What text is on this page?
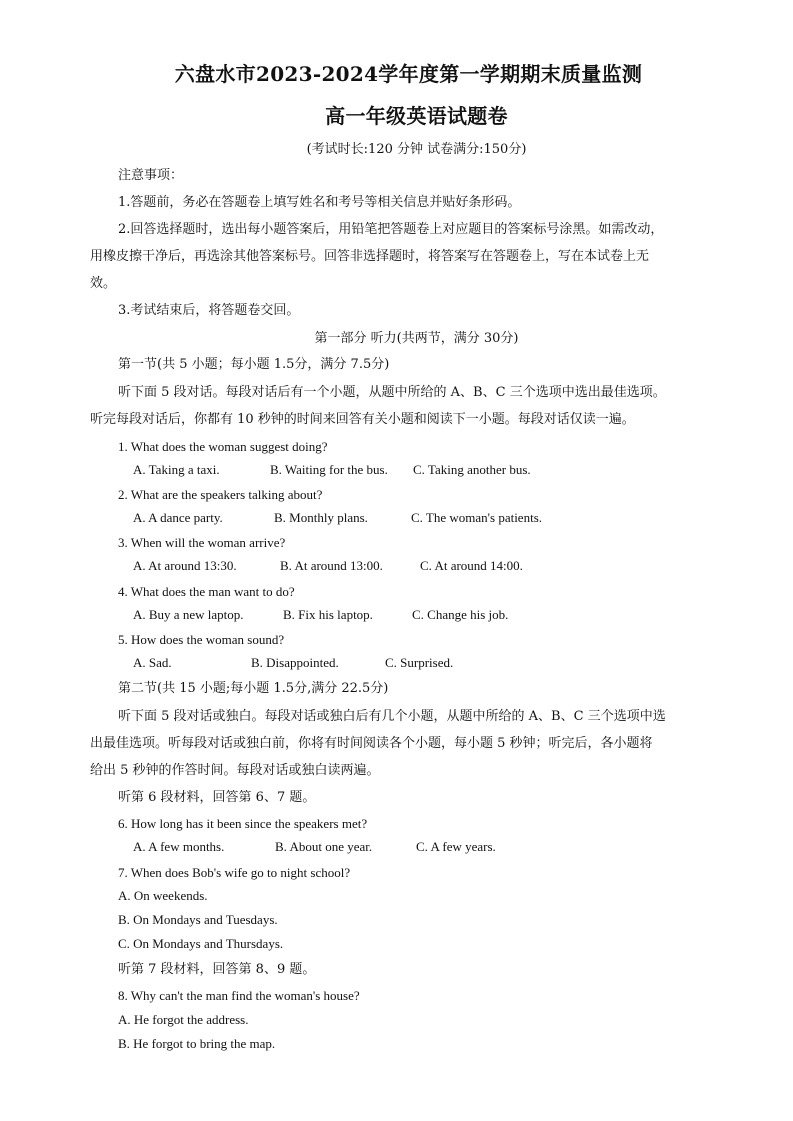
六盘水市2023-2024学年度第一学期期末质量监测
高一年级英语试题卷
(考试时长:120 分钟 试卷满分:150分)
注意事项：
1.答题前，务必在答题卷上填写姓名和考号等相关信息并贴好条形码。
2.回答选择题时，选出每小题答案后，用铅笔把答题卷上对应题目的答案标号涂黑。如需改动，
用橡皮擦干净后，再选涂其他答案标号。回答非选择题时，将答案写在答题卷上，写在本试卷上无
效。
3.考试结束后，将答题卷交回。
第一部分 听力(共两节，满分 30分)
第一节(共 5 小题；每小题 1.5分，满分 7.5分)
听下面 5 段对话。每段对话后有一个小题，从题中所给的 A、B、C 三个选项中选出最佳选项。
听完每段对话后，你都有 10 秒钟的时间来回答有关小题和阅读下一小题。每段对话仅读一遍。
1. What does the woman suggest doing?
A. Taking a taxi.	B. Waiting for the bus. C. Taking another bus.
2. What are the speakers talking about?
A. A dance party.	B. Monthly plans.	C. The woman's patients.
3. When will the woman arrive?
A. At around 13:30.	B. At around 13:00.	C. At around 14:00.
4. What does the man want to do?
A. Buy a new laptop.	B. Fix his laptop.	C. Change his job.
5. How does the woman sound?
A. Sad.	B. Disappointed.	C. Surprised.
第二节(共 15 小题;每小题 1.5分,满分 22.5分)
听下面 5 段对话或独白。每段对话或独白后有几个小题，从题中所给的 A、B、C 三个选项中选
出最佳选项。听每段对话或独白前，你将有时间阅读各个小题，每小题 5 秒钟；听完后，各小题将
给出 5 秒钟的作答时间。每段对话或独白读两遍。
听第 6 段材料，回答第 6、7 题。
6. How long has it been since the speakers met?
A. A few months.	B. About one year.	C. A few years.
7. When does Bob's wife go to night school?
A. On weekends.
B. On Mondays and Tuesdays.
C. On Mondays and Thursdays.
听第 7 段材料，回答第 8、9 题。
8. Why can't the man find the woman's house?
A. He forgot the address.
B. He forgot to bring the map.
